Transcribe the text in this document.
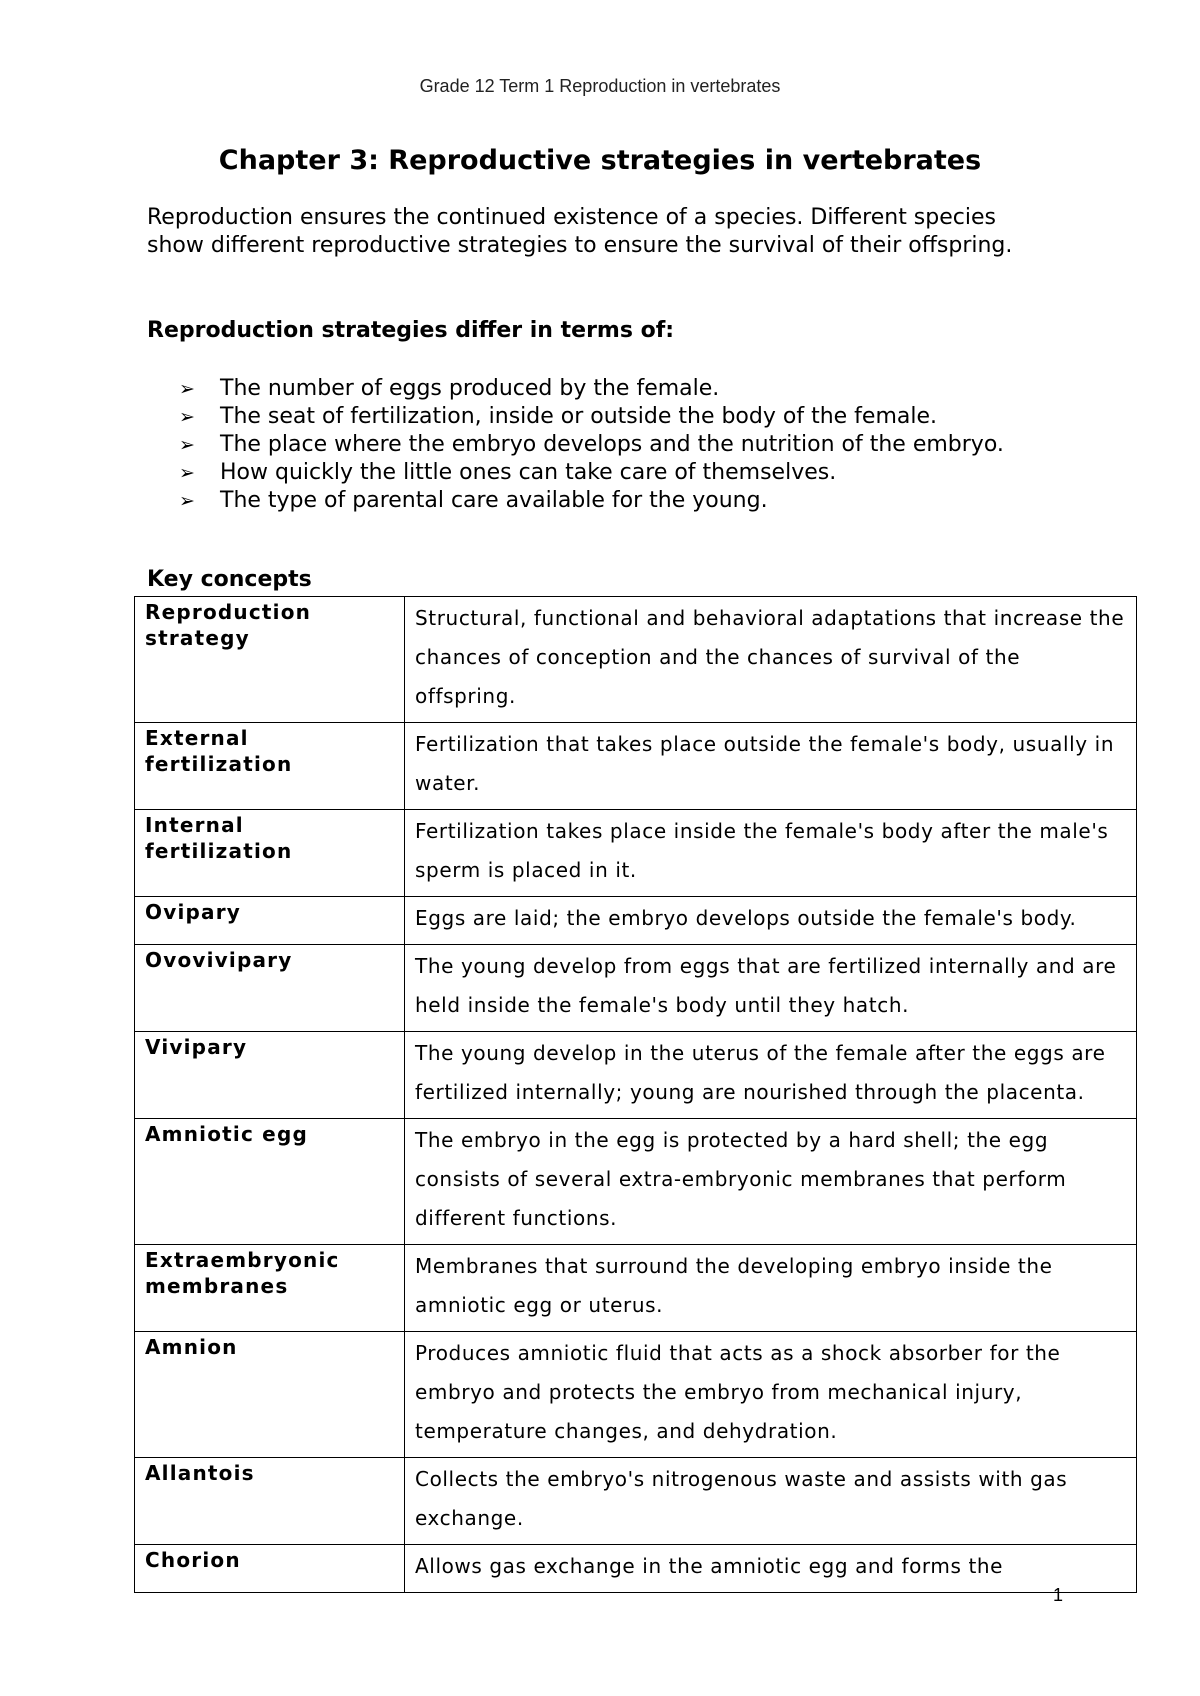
Grade 12 Term 1 Reproduction in vertebrates
Chapter 3: Reproductive strategies in vertebrates

Reproduction ensures the continued existence of a species. Different species show different reproductive strategies to ensure the survival of their offspring.

Reproduction strategies differ in terms of:

➢ The number of eggs produced by the female.
➢ The seat of fertilization, inside or outside the body of the female.
➢ The place where the embryo develops and the nutrition of the embryo.
➢ How quickly the little ones can take care of themselves.
➢ The type of parental care available for the young.

Key concepts

Reproduction strategy	Structural, functional and behavioral adaptations that increase the chances of conception and the chances of survival of the offspring.
External fertilization	Fertilization that takes place outside the female's body, usually in water.
Internal fertilization	Fertilization takes place inside the female's body after the male's sperm is placed in it.
Ovipary	Eggs are laid; the embryo develops outside the female's body.
Ovovivipary	The young develop from eggs that are fertilized internally and are held inside the female's body until they hatch.
Vivipary	The young develop in the uterus of the female after the eggs are fertilized internally; young are nourished through the placenta.
Amniotic egg	The embryo in the egg is protected by a hard shell; the egg consists of several extra-embryonic membranes that perform different functions.
Extraembryonic membranes	Membranes that surround the developing embryo inside the amniotic egg or uterus.
Amnion	Produces amniotic fluid that acts as a shock absorber for the embryo and protects the embryo from mechanical injury, temperature changes, and dehydration.
Allantois	Collects the embryo's nitrogenous waste and assists with gas exchange.
Chorion	Allows gas exchange in the amniotic egg and forms the
1
